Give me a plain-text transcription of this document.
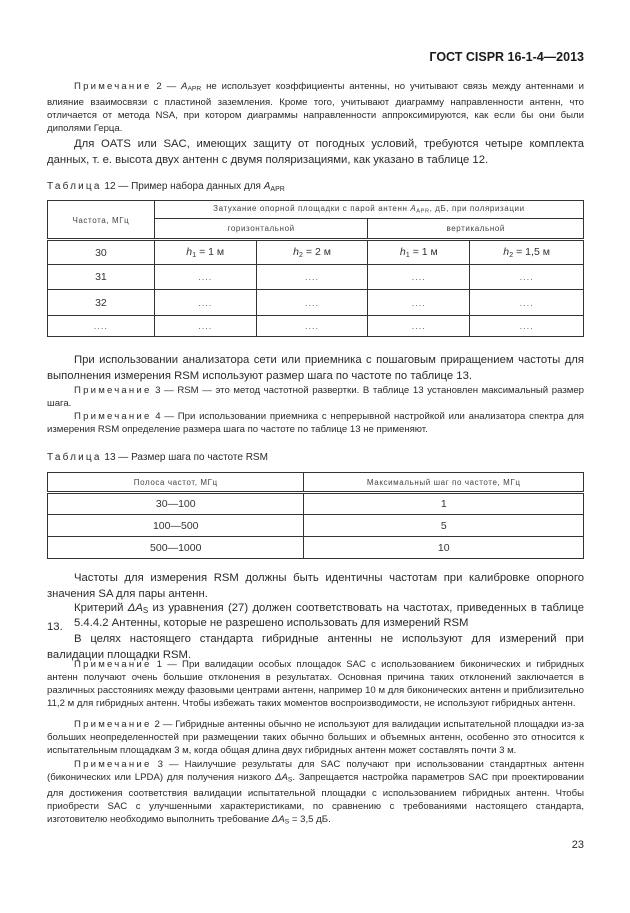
ГОСТ CISPR 16-1-4—2013
Примечание 2 — $A_{APR}$ не использует коэффициенты антенны, но учитывают связь между антеннами и влияние взаимосвязи с пластиной заземления. Кроме того, учитывают диаграмму направленности антенн, что отличается от метода NSA, при котором диаграммы направленности аппроксимируются, как если бы они были диполями Герца.
Для OATS или SAC, имеющих защиту от погодных условий, требуются четыре комплекта данных, т. е. высота двух антенн с двумя поляризациями, как указано в таблице 12.
Таблица 12 — Пример набора данных для $A_{APR}$
Частота, МГц	Затухание опорной площадки с парой антенн $A_{APR}$, дБ, при поляризации			
	горизонтальной		вертикальной	
30	$h_1 = 1$ м	$h_2 = 2$ м	$h_1 = 1$ м	$h_2 = 1,5$ м
31	....	....	....	....
32	....	....	....	....
....	....	....	....	....
При использовании анализатора сети или приемника с пошаговым приращением частоты для выполнения измерения RSM используют размер шага по частоте по таблице 13.
Примечание 3 — RSM — это метод частотной развертки. В таблице 13 установлен максимальный размер шага.
Примечание 4 — При использовании приемника с непрерывной настройкой или анализатора спектра для измерения RSM определение размера шага по частоте по таблице 13 не применяют.
Таблица 13 — Размер шага по частоте RSM
Полоса частот, МГц	Максимальный шаг по частоте, МГц
30—100	1
100—500	5
500—1000	10
Частоты для измерения RSM должны быть идентичны частотам при калибровке опорного значения SA для пары антенн.
Критерий $\Delta A_S$ из уравнения (27) должен соответствовать на частотах, приведенных в таблице 13. 5.4.4.2 Антенны, которые не разрешено использовать для измерений RSM
В целях настоящего стандарта гибридные антенны не используют для измерений при валидации площадки RSM.
Примечание 1 — При валидации особых площадок SAC с использованием биконических и гибридных антенн получают очень большие отклонения в результатах. Основная причина таких отклонений заключается в различных расстояниях между фазовыми центрами антенн, например 10 м для биконических антенн и приблизительно 11,2 м для гибридных антенн. Чтобы избежать таких моментов воспроизводимости, не используют гибридных антенн.
Примечание 2 — Гибридные антенны обычно не используют для валидации испытательной площадки из-за больших неопределенностей при размещении таких обычно больших и объемных антенн, особенно это относится к испытательным площадкам 3 м, когда общая длина двух гибридных антенн может составлять почти 3 м.
Примечание 3 — Наилучшие результаты для SAC получают при использовании стандартных антенн (биконических или LPDA) для получения низкого $\Delta A_S$. Запрещается настройка параметров SAC при проектировании для достижения соответствия валидации испытательной площадки с использованием гибридных антенн. Чтобы приобрести SAC с улучшенными характеристиками, по сравнению с требованиями настоящего стандарта, изготовителю необходимо выполнить требование $\Delta A_S = 3,5$ дБ.
23
